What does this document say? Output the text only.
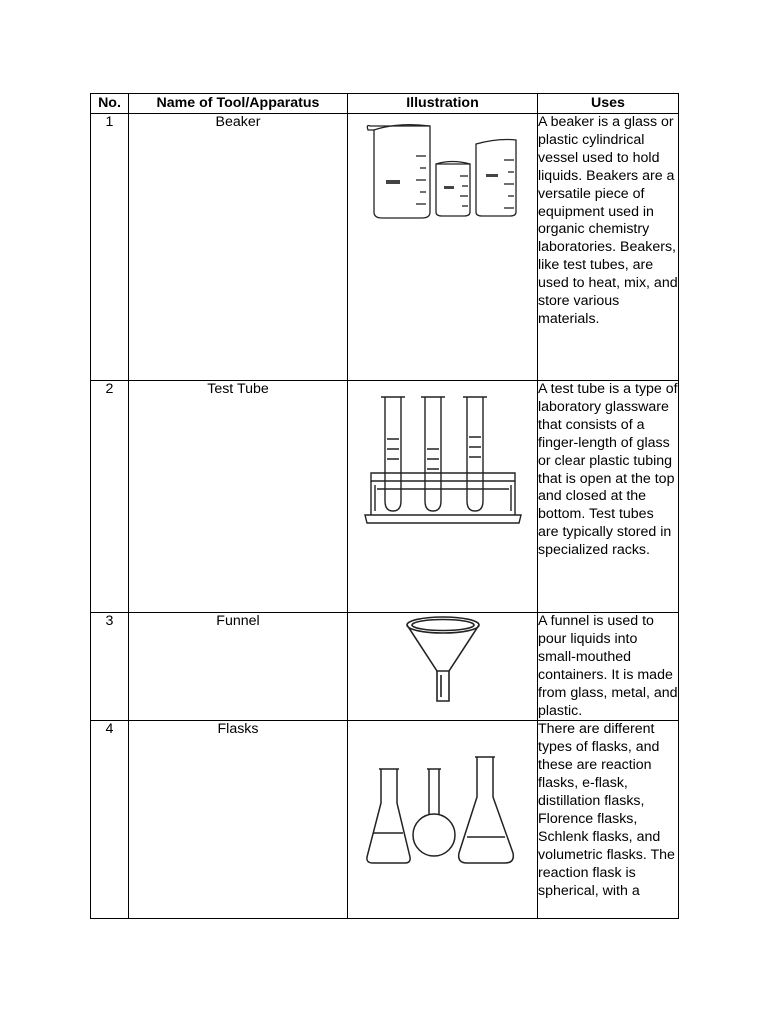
No.	Name of Tool/Apparatus	Illustration	Uses
1	Beaker		A beaker is a glass or plastic cylindrical vessel used to hold liquids. Beakers are a versatile piece of equipment used in organic chemistry laboratories. Beakers, like test tubes, are used to heat, mix, and store various materials.
2	Test Tube		A test tube is a type of laboratory glassware that consists of a finger-length of glass or clear plastic tubing that is open at the top and closed at the bottom. Test tubes are typically stored in specialized racks.
3	Funnel		A funnel is used to pour liquids into small-mouthed containers. It is made from glass, metal, and plastic.
4	Flasks		There are different types of flasks, and these are reaction flasks, e-flask, distillation flasks, Florence flasks, Schlenk flasks, and volumetric flasks. The reaction flask is spherical, with a
